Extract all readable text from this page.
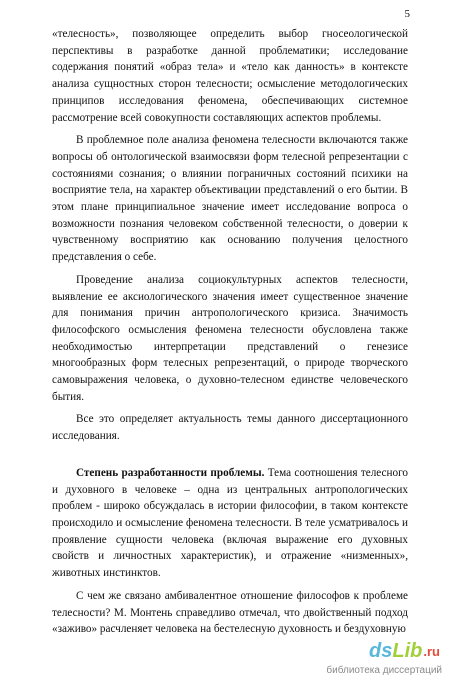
5

«телесность», позволяющее определить выбор гносеологической перспективы в разработке данной проблематики; исследование содержания понятий «образ тела» и «тело как данность» в контексте анализа сущностных сторон телесности; осмысление методологических принципов исследования феномена, обеспечивающих системное рассмотрение всей совокупности составляющих аспектов проблемы.

В проблемное поле анализа феномена телесности включаются также вопросы об онтологической взаимосвязи форм телесной репрезентации с состояниями сознания; о влиянии пограничных состояний психики на восприятие тела, на характер объективации представлений о его бытии. В этом плане принципиальное значение имеет исследование вопроса о возможности познания человеком собственной телесности, о доверии к чувственному восприятию как основанию получения целостного представления о себе.

Проведение анализа социокультурных аспектов телесности, выявление ее аксиологического значения имеет существенное значение для понимания причин антропологического кризиса. Значимость философского осмысления феномена телесности обусловлена также необходимостью интерпретации представлений о генезисе многообразных форм телесных репрезентаций, о природе творческого самовыражения человека, о духовно-телесном единстве человеческого бытия.

Все это определяет актуальность темы данного диссертационного исследования.

Степень разработанности проблемы. Тема соотношения телесного и духовного в человеке – одна из центральных антропологических проблем - широко обсуждалась в истории философии, в таком контексте происходило и осмысление феномена телесности. В теле усматривалось и проявление сущности человека (включая выражение его духовных свойств и личностных характеристик), и отражение «низменных», животных инстинктов.

С чем же связано амбивалентное отношение философов к проблеме телесности? М. Монтень справедливо отмечал, что двойственный подход «заживо» расчленяет человека на бестелесную духовность и бездуховную

ds Lib .ru
библиотека диссертаций
